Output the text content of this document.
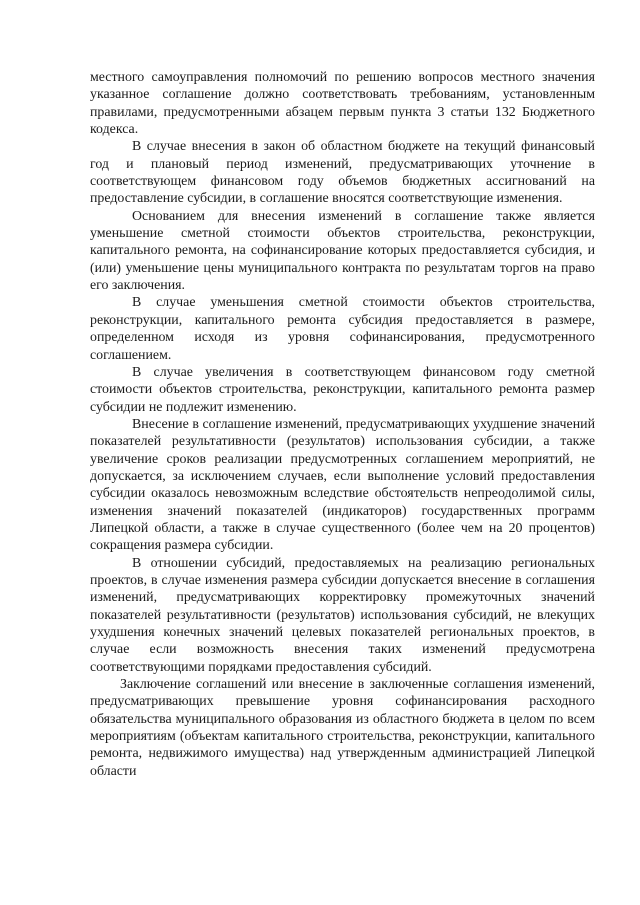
местного самоуправления полномочий по решению вопросов местного значения указанное соглашение должно соответствовать требованиям, установленным правилами, предусмотренными абзацем первым пункта 3 статьи 132 Бюджетного кодекса.

В случае внесения в закон об областном бюджете на текущий финансовый год и плановый период изменений, предусматривающих уточнение в соответствующем финансовом году объемов бюджетных ассигнований на предоставление субсидии, в соглашение вносятся соответствующие изменения.

Основанием для внесения изменений в соглашение также является уменьшение сметной стоимости объектов строительства, реконструкции, капитального ремонта, на софинансирование которых предоставляется субсидия, и (или) уменьшение цены муниципального контракта по результатам торгов на право его заключения.

В случае уменьшения сметной стоимости объектов строительства, реконструкции, капитального ремонта субсидия предоставляется в размере, определенном исходя из уровня софинансирования, предусмотренного соглашением.

В случае увеличения в соответствующем финансовом году сметной стоимости объектов строительства, реконструкции, капитального ремонта размер субсидии не подлежит изменению.

Внесение в соглашение изменений, предусматривающих ухудшение значений показателей результативности (результатов) использования субсидии, а также увеличение сроков реализации предусмотренных соглашением мероприятий, не допускается, за исключением случаев, если выполнение условий предоставления субсидии оказалось невозможным вследствие обстоятельств непреодолимой силы, изменения значений показателей (индикаторов) государственных программ Липецкой области, а также в случае существенного (более чем на 20 процентов) сокращения размера субсидии.

В отношении субсидий, предоставляемых на реализацию региональных проектов, в случае изменения размера субсидии допускается внесение в соглашения изменений, предусматривающих корректировку промежуточных значений показателей результативности (результатов) использования субсидий, не влекущих ухудшения конечных значений целевых показателей региональных проектов, в случае если возможность внесения таких изменений предусмотрена соответствующими порядками предоставления субсидий.

Заключение соглашений или внесение в заключенные соглашения изменений, предусматривающих превышение уровня софинансирования расходного обязательства муниципального образования из областного бюджета в целом по всем мероприятиям (объектам капитального строительства, реконструкции, капитального ремонта, недвижимого имущества) над утвержденным администрацией Липецкой области
